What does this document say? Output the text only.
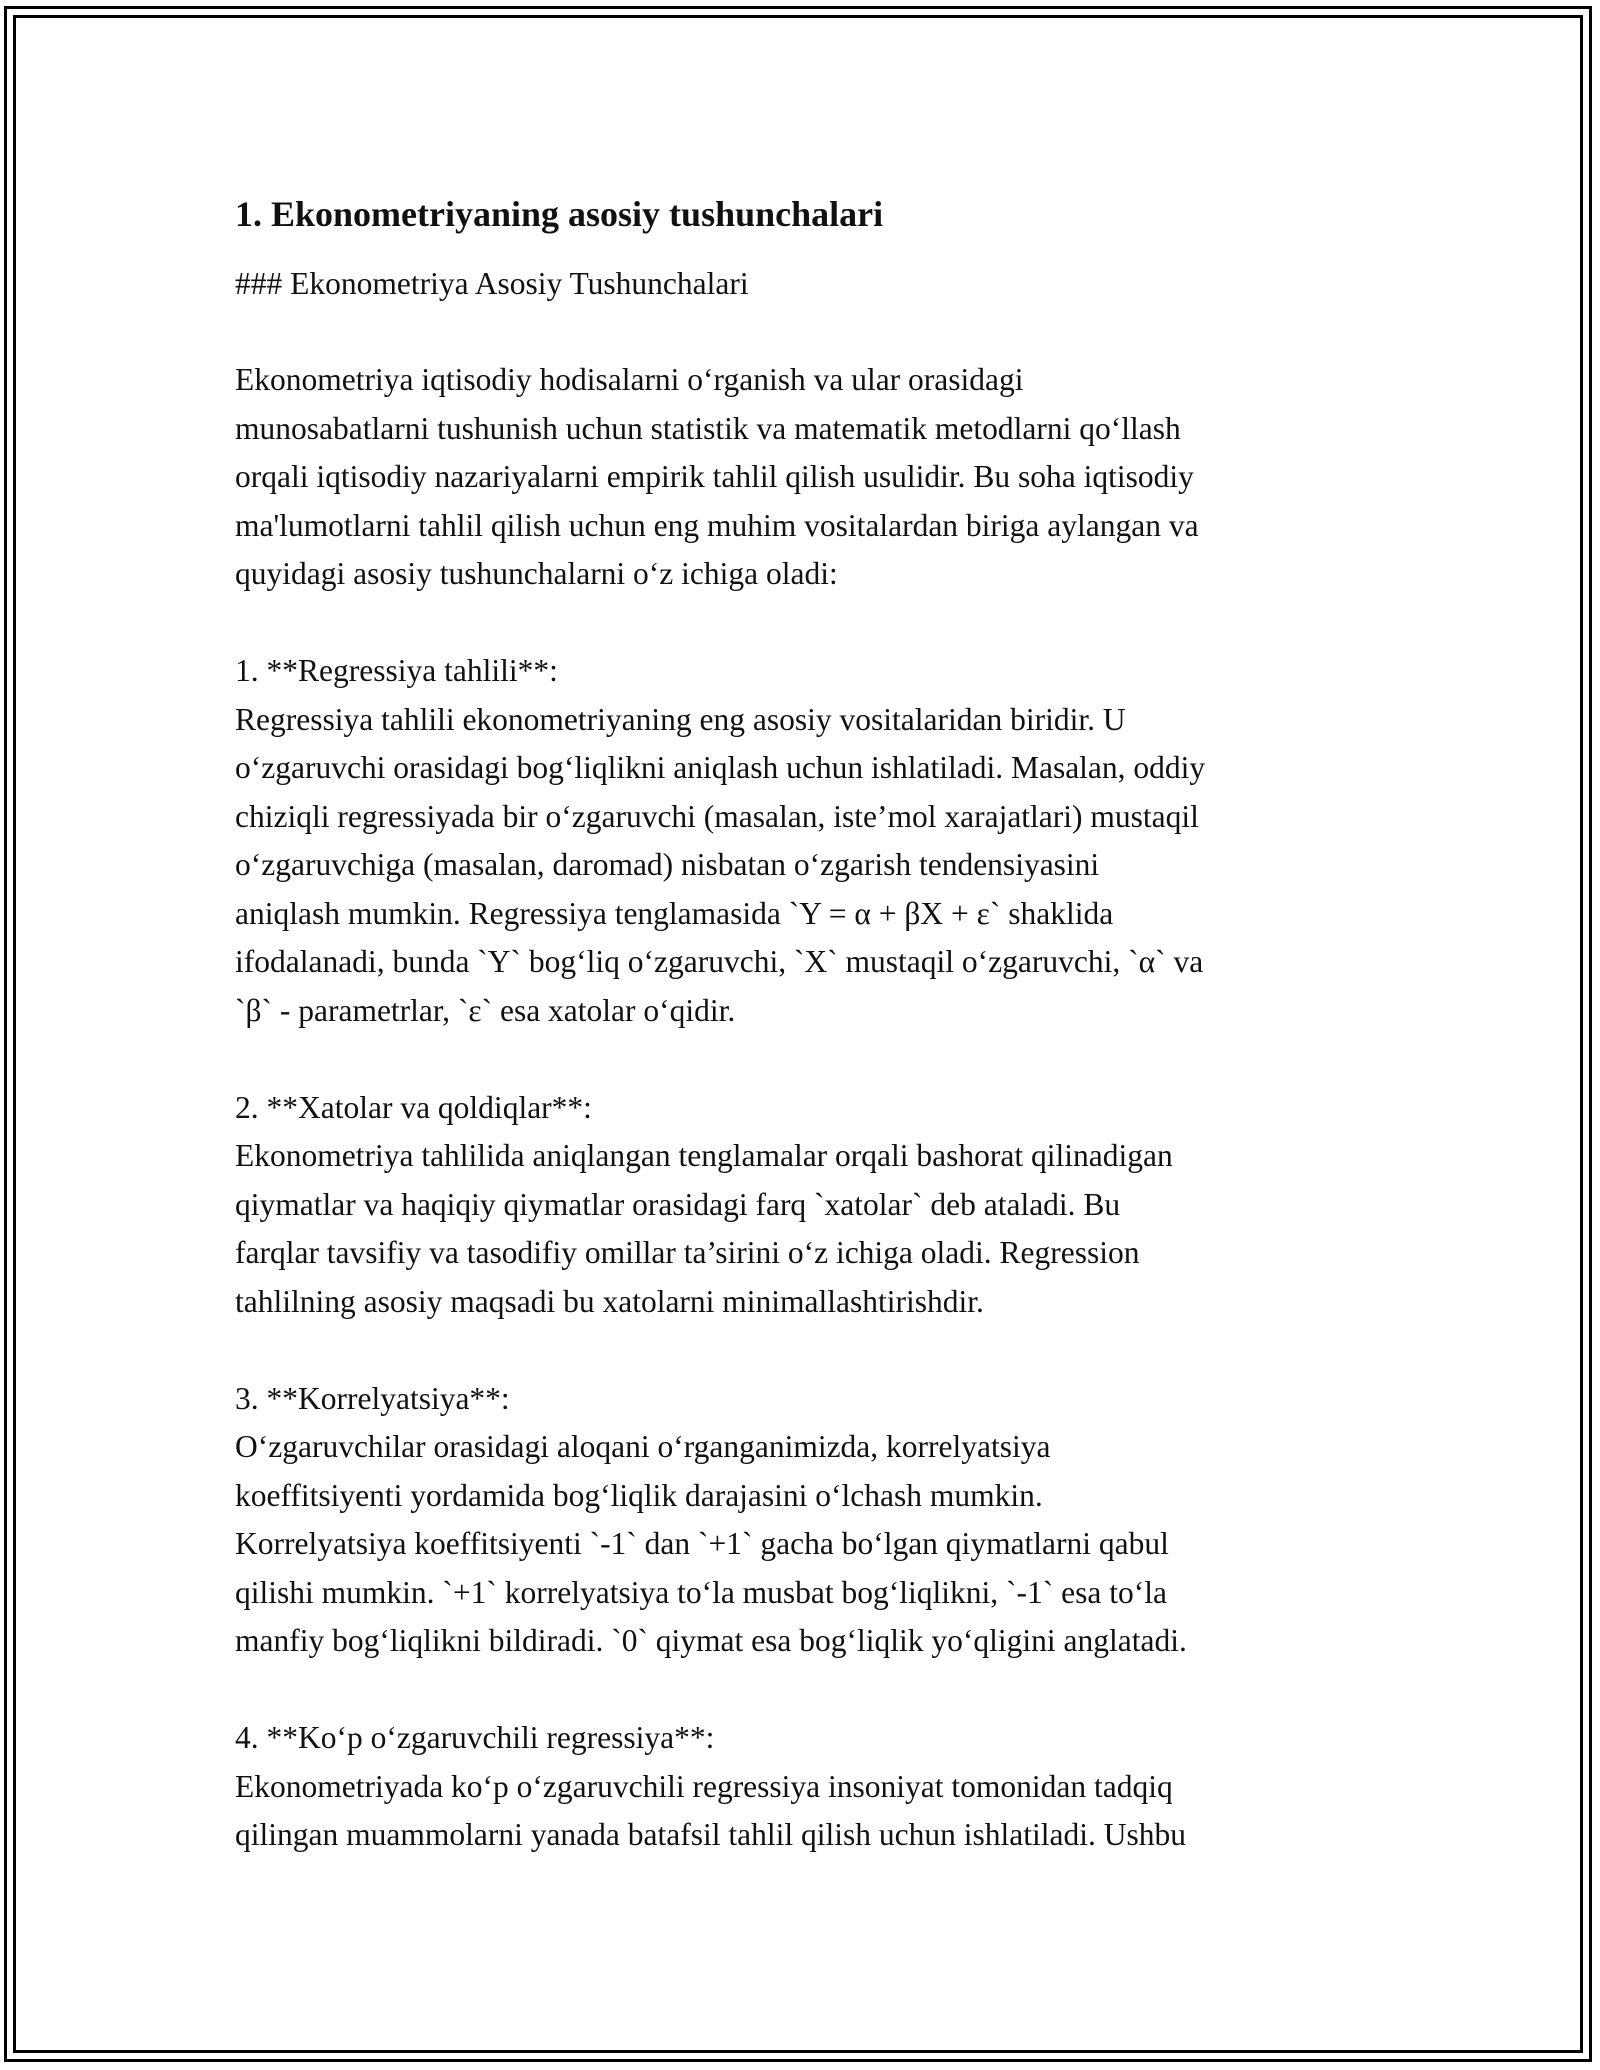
1. Ekonometriyaning asosiy tushunchalari

### Ekonometriya Asosiy Tushunchalari

Ekonometriya iqtisodiy hodisalarni o‘rganish va ular orasidagi
munosabatlarni tushunish uchun statistik va matematik metodlarni qo‘llash
orqali iqtisodiy nazariyalarni empirik tahlil qilish usulidir. Bu soha iqtisodiy
ma'lumotlarni tahlil qilish uchun eng muhim vositalardan biriga aylangan va
quyidagi asosiy tushunchalarni o‘z ichiga oladi:

1. **Regressiya tahlili**:

Regressiya tahlili ekonometriyaning eng asosiy vositalaridan biridir. U
o‘zgaruvchi orasidagi bog‘liqlikni aniqlash uchun ishlatiladi. Masalan, oddiy
chiziqli regressiyada bir o‘zgaruvchi (masalan, iste’mol xarajatlari) mustaqil
o‘zgaruvchiga (masalan, daromad) nisbatan o‘zgarish tendensiyasini
aniqlash mumkin. Regressiya tenglamasida `Y = α + βX + ε` shaklida
ifodalanadi, bunda `Y` bog‘liq o‘zgaruvchi, `X` mustaqil o‘zgaruvchi, `α` va
`β` - parametrlar, `ε` esa xatolar o‘qidir.

2. **Xatolar va qoldiqlar**:

Ekonometriya tahlilida aniqlangan tenglamalar orqali bashorat qilinadigan
qiymatlar va haqiqiy qiymatlar orasidagi farq `xatolar` deb ataladi. Bu
farqlar tavsifiy va tasodifiy omillar ta’sirini o‘z ichiga oladi. Regression
tahlilning asosiy maqsadi bu xatolarni minimallashtirishdir.

3. **Korrelyatsiya**:

O‘zgaruvchilar orasidagi aloqani o‘rganganimizda, korrelyatsiya
koeffitsiyenti yordamida bog‘liqlik darajasini o‘lchash mumkin.
Korrelyatsiya koeffitsiyenti `-1` dan `+1` gacha bo‘lgan qiymatlarni qabul
qilishi mumkin. `+1` korrelyatsiya to‘la musbat bog‘liqlikni, `-1` esa to‘la
manfiy bog‘liqlikni bildiradi. `0` qiymat esa bog‘liqlik yo‘qligini anglatadi.

4. **Ko‘p o‘zgaruvchili regressiya**:

Ekonometriyada ko‘p o‘zgaruvchili regressiya insoniyat tomonidan tadqiq
qilingan muammolarni yanada batafsil tahlil qilish uchun ishlatiladi. Ushbu
